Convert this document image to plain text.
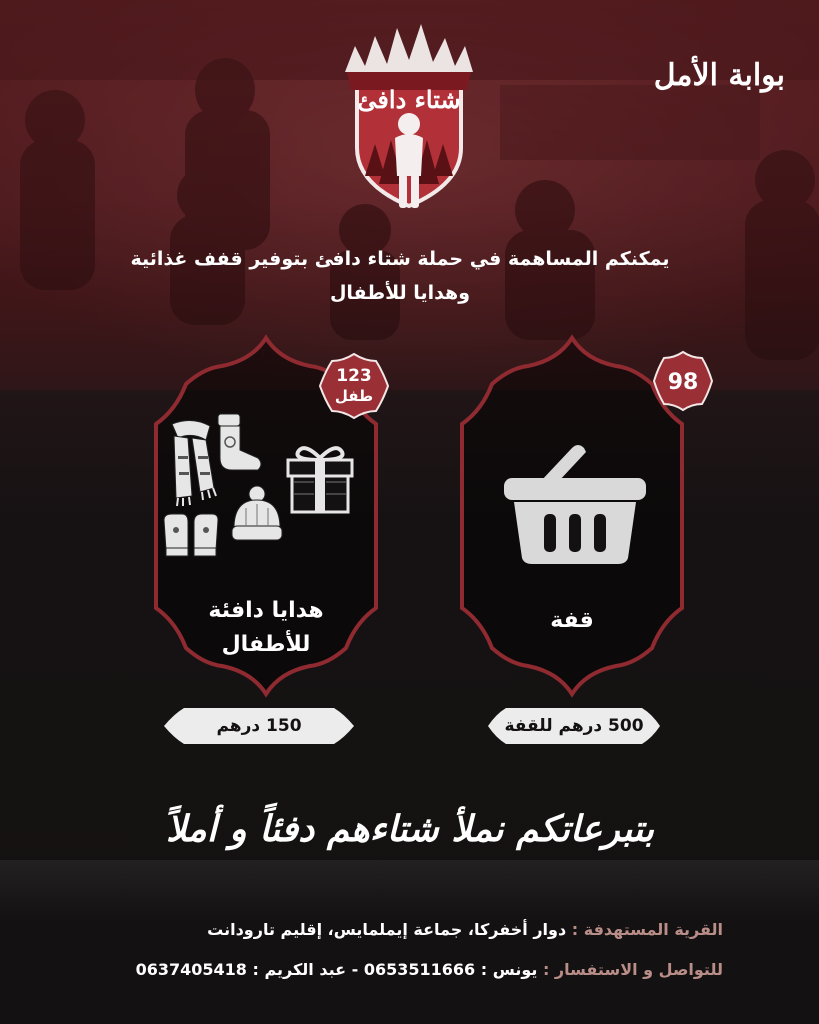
بوابة الأمل
شتاء دافئ
يمكنكم المساهمة في حملة شتاء دافئ بتوفير قفف غذائية
وهدايا للأطفال
98
قفة
123
طفل
هدايا دافئة
للأطفال
500 درهم للقفة
150 درهم
بتبرعاتكم نملأ شتاءهم دفئاً و أملاً
القرية المستهدفة : دوار أخفركا، جماعة إيملمايس، إقليم تارودانت
للتواصل و الاستفسار : يونس : 0653511666 - عبد الكريم : 0637405418
